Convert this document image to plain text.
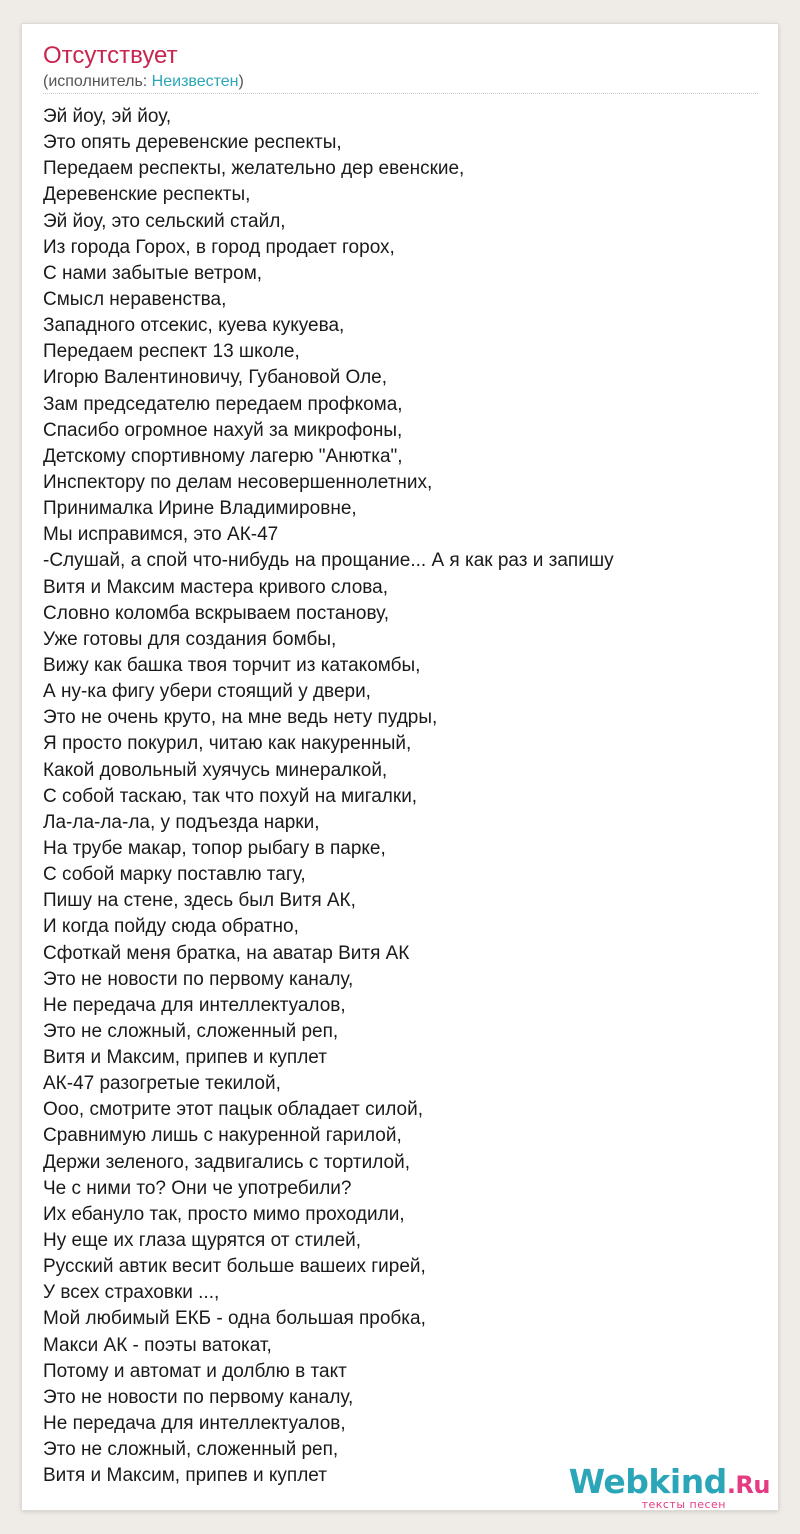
Отсутствует
(исполнитель: Неизвестен)
Эй йоу, эй йоу,
Это опять деревенские респекты,
Передаем респекты, желательно дер евенские,
Деревенские респекты,
Эй йоу, это сельский стайл,
Из города Горох, в город продает горох,
С нами забытые ветром,
Смысл неравенства,
Западного отсекис, куева кукуева,
Передаем респект 13 школе,
Игорю Валентиновичу, Губановой Оле,
Зам председателю передаем профкома,
Спасибо огромное нахуй за микрофоны,
Детскому спортивному лагерю "Анютка",
Инспектору по делам несовершеннолетних,
Принималка Ирине Владимировне,
Мы исправимся, это АК-47
-Слушай, а спой что-нибудь на прощание... А я как раз и запишу
Витя и Максим мастера кривого слова,
Словно коломба вскрываем постанову,
Уже готовы для создания бомбы,
Вижу как башка твоя торчит из катакомбы,
А ну-ка фигу убери стоящий у двери,
Это не очень круто, на мне ведь нету пудры,
Я просто покурил, читаю как накуренный,
Какой довольный хуячусь минералкой,
С собой таскаю, так что похуй на мигалки,
Ла-ла-ла-ла, у подъезда нарки,
На трубе макар, топор рыбагу в парке,
С собой марку поставлю тагу,
Пишу на стене, здесь был Витя АК,
И когда пойду сюда обратно,
Сфоткай меня братка, на аватар Витя АК
Это не новости по первому каналу,
Не передача для интеллектуалов,
Это не сложный, сложенный реп,
Витя и Максим, припев и куплет
АК-47 разогретые текилой,
Ооо, смотрите этот пацык обладает силой,
Сравнимую лишь с накуренной гарилой,
Держи зеленого, задвигались с тортилой,
Че с ними то? Они че употребили?
Их ебануло так, просто мимо проходили,
Ну еще их глаза щурятся от стилей,
Русский автик весит больше вашеих гирей,
У всех страховки ...,
Мой любимый ЕКБ - одна большая пробка,
Макси АК - поэты ватокат,
Потому и автомат и долблю в такт
Это не новости по первому каналу,
Не передача для интеллектуалов,
Это не сложный, сложенный реп,
Витя и Максим, припев и куплет	Webkind.Ru
тексты песен
